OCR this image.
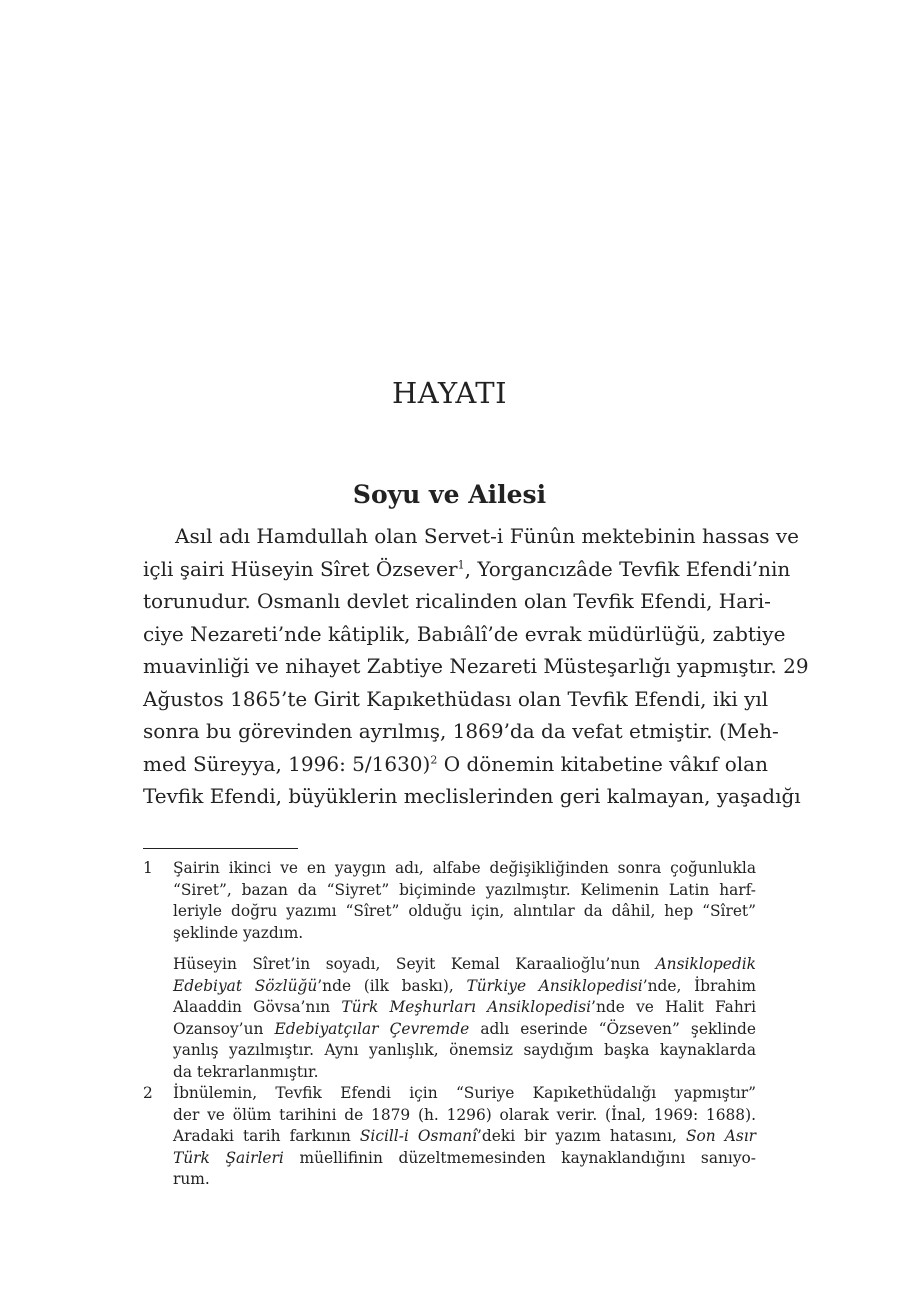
HAYATI
Soyu ve Ailesi
Asıl adı Hamdullah olan Servet-i Fünûn mektebinin hassas ve
içli şairi Hüseyin Sîret Özsever$^1$, Yorgancızâde Tevfik Efendi’nin
torunudur. Osmanlı devlet ricalinden olan Tevfik Efendi, Hari-
ciye Nezareti’nde kâtiplik, Babıâlî’de evrak müdürlüğü, zabtiye
muavinliği ve nihayet Zabtiye Nezareti Müsteşarlığı yapmıştır. 29
Ağustos 1865’te Girit Kapıkethüdası olan Tevfik Efendi, iki yıl
sonra bu görevinden ayrılmış, 1869’da da vefat etmiştir. (Meh-
med Süreyya, 1996: 5/1630)$^2$ O dönemin kitabetine vâkıf olan
Tevfik Efendi, büyüklerin meclislerinden geri kalmayan, yaşadığı
1 Şairin ikinci ve en yaygın adı, alfabe değişikliğinden sonra çoğunlukla
“Siret”, bazan da “Siyret” biçiminde yazılmıştır. Kelimenin Latin harf-
leriyle doğru yazımı “Sîret” olduğu için, alıntılar da dâhil, hep “Sîret”
şeklinde yazdım.
Hüseyin Sîret’in soyadı, Seyit Kemal Karaalioğlu’nun Ansiklopedik
Edebiyat Sözlüğü’nde (ilk baskı), Türkiye Ansiklopedisi’nde, İbrahim
Alaaddin Gövsa’nın Türk Meşhurları Ansiklopedisi’nde ve Halit Fahri
Ozansoy’un Edebiyatçılar Çevremde adlı eserinde “Özseven” şeklinde
yanlış yazılmıştır. Aynı yanlışlık, önemsiz saydığım başka kaynaklarda
da tekrarlanmıştır.
2 İbnülemin, Tevfik Efendi için “Suriye Kapıkethüdalığı yapmıştır”
der ve ölüm tarihini de 1879 (h. 1296) olarak verir. (İnal, 1969: 1688).
Aradaki tarih farkının Sicill-i Osmanî’deki bir yazım hatasını, Son Asır
Türk Şairleri müellifinin düzeltmemesinden kaynaklandığını sanıyo-
rum.
